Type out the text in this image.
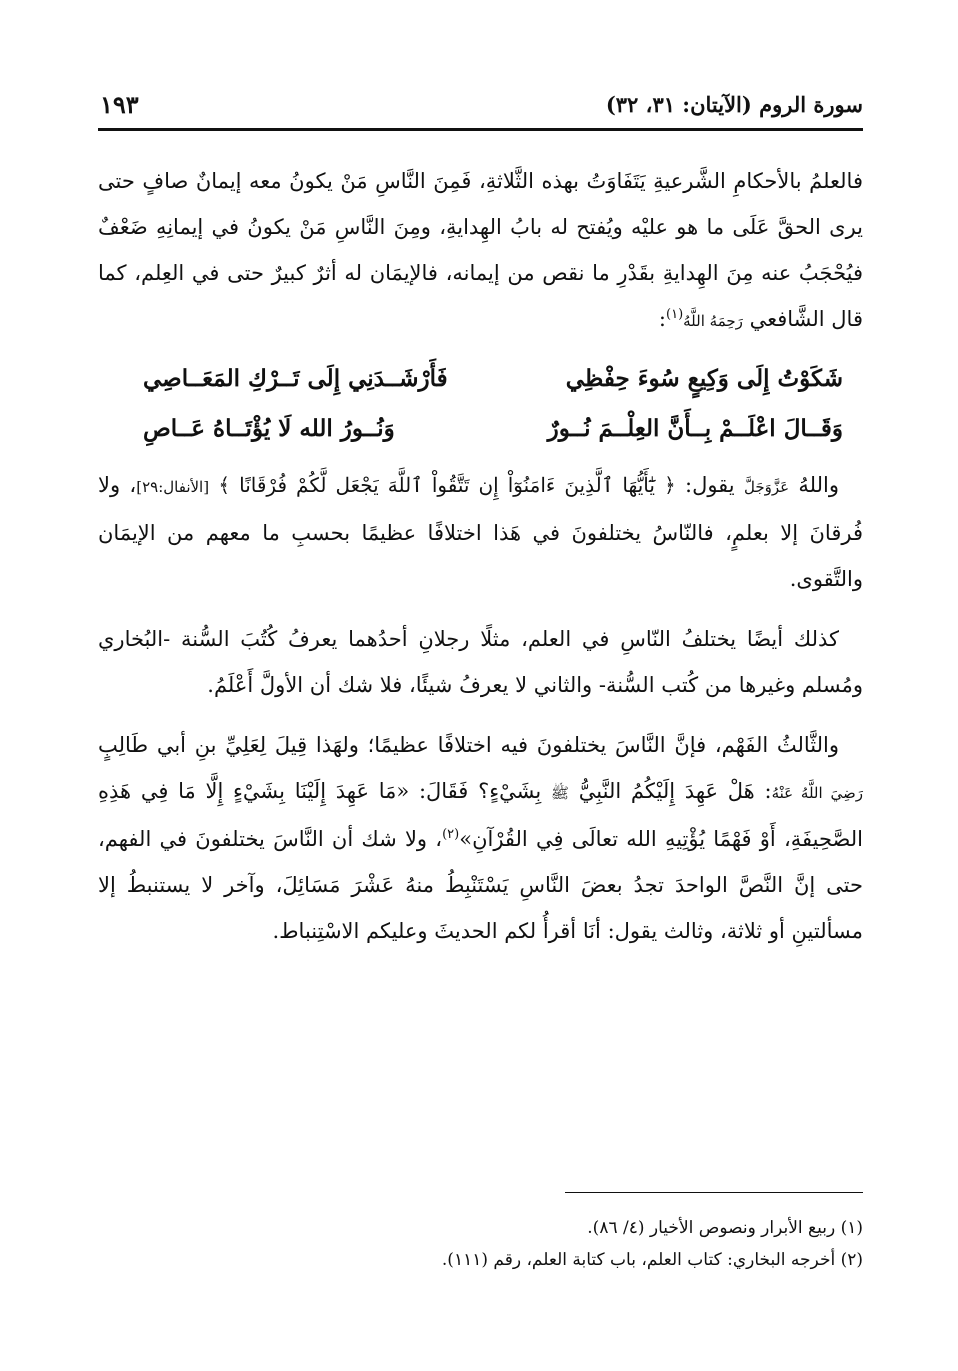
سورة الروم (الآيتان: ٣١، ٣٢)
١٩٣

فالعلمُ بالأحكامِ الشَّرعيةِ يَتَفَاوَتُ بهذه الثَّلاثةِ، فَمِنَ النَّاسِ مَنْ يكونُ معه إيمانٌ صافٍ حتى يرى الحقَّ عَلَى ما هو عليْه ويُفتح له بابُ الهِدايةِ، ومِنَ النَّاسِ مَنْ يكونُ في إيمانِهِ ضَعْفٌ فيُحْجَبُ عنه مِنَ الهِدايةِ بقَدْرِ ما نقص من إيمانه، فالإيمَان له أثرٌ كبيرٌ حتى في العِلم، كما قال الشَّافعي رَحِمَهُ اللَّهُ$^{(١)}$:

شَكَوْتُ إِلَى وَكِيعٍ سُوءَ حِفْظِي
فَأَرْشَــدَنِي إِلَى تَــرْكِ المَعَــاصِي
وَقَــالَ اعْلَــمْ بِــأَنَّ العِلْــمَ نُــورٌ
وَنُــورُ الله لَا يُؤْتَــاهُ عَــاصِ

واللهُ عَزَّوَجَلَّ يقول: ﴿ يَٰٓأَيُّهَا ٱلَّذِينَ ءَامَنُوٓاْ إِن تَتَّقُواْ ٱللَّهَ يَجْعَل لَّكُمْ فُرْقَانًا ﴾ [الأنفال:٢٩]، ولا فُرقانَ إلا بعلمٍ، فالنّاسُ يختلفونَ في هَذا اختلافًا عظيمًا بحسبِ ما معهم من الإيمَان والتَّقوى.

كذلك أيضًا يختلفُ النّاسِ في العلم، مثلًا رجلانِ أحدُهما يعرفُ كُتُبَ السُّنة -البُخاري ومُسلم وغيرها من كُتب السُّنة- والثاني لا يعرفُ شيئًا، فلا شك أن الأولَّ أَعْلَمُ.

والثَّالثُ الفَهْم، فإنَّ النَّاسَ يختلفونَ فيه اختلافًا عظيمًا؛ ولهَذا قِيلَ لِعَلِيِّ بنِ أبي طَالِبٍ رَضِيَ اللَّهُ عَنْهُ: هَلْ عَهِدَ إِلَيْكُمُ النَّبِيُّ ﷺ بِشَيْءٍ؟ فَقَالَ: «مَا عَهِدَ إِلَيْنَا بِشَيْءٍ إِلَّا مَا فِي هَذِهِ الصَّحِيفَةِ، أَوْ فَهْمًا يُؤْتِيهِ الله تعالَى فِي القُرْآنِ»$^{(٢)}$، ولا شك أن النَّاسَ يختلفونَ في الفهم، حتى إنَّ النَّصَّ الواحدَ تجدُ بعضَ النَّاسِ يَسْتَنْبِطُ منهُ عَشْرَ مَسَائِلَ، وآخر لا يستنبطُ إلا مسألتينِ أو ثلاثة، وثالث يقول: أنَا أقرأُ لكم الحديثَ وعليكم الاسْتِنباط.

(١) ربيع الأبرار ونصوص الأخيار (٤/ ٨٦).

(٢) أخرجه البخاري: كتاب العلم، باب كتابة العلم، رقم (١١١).
